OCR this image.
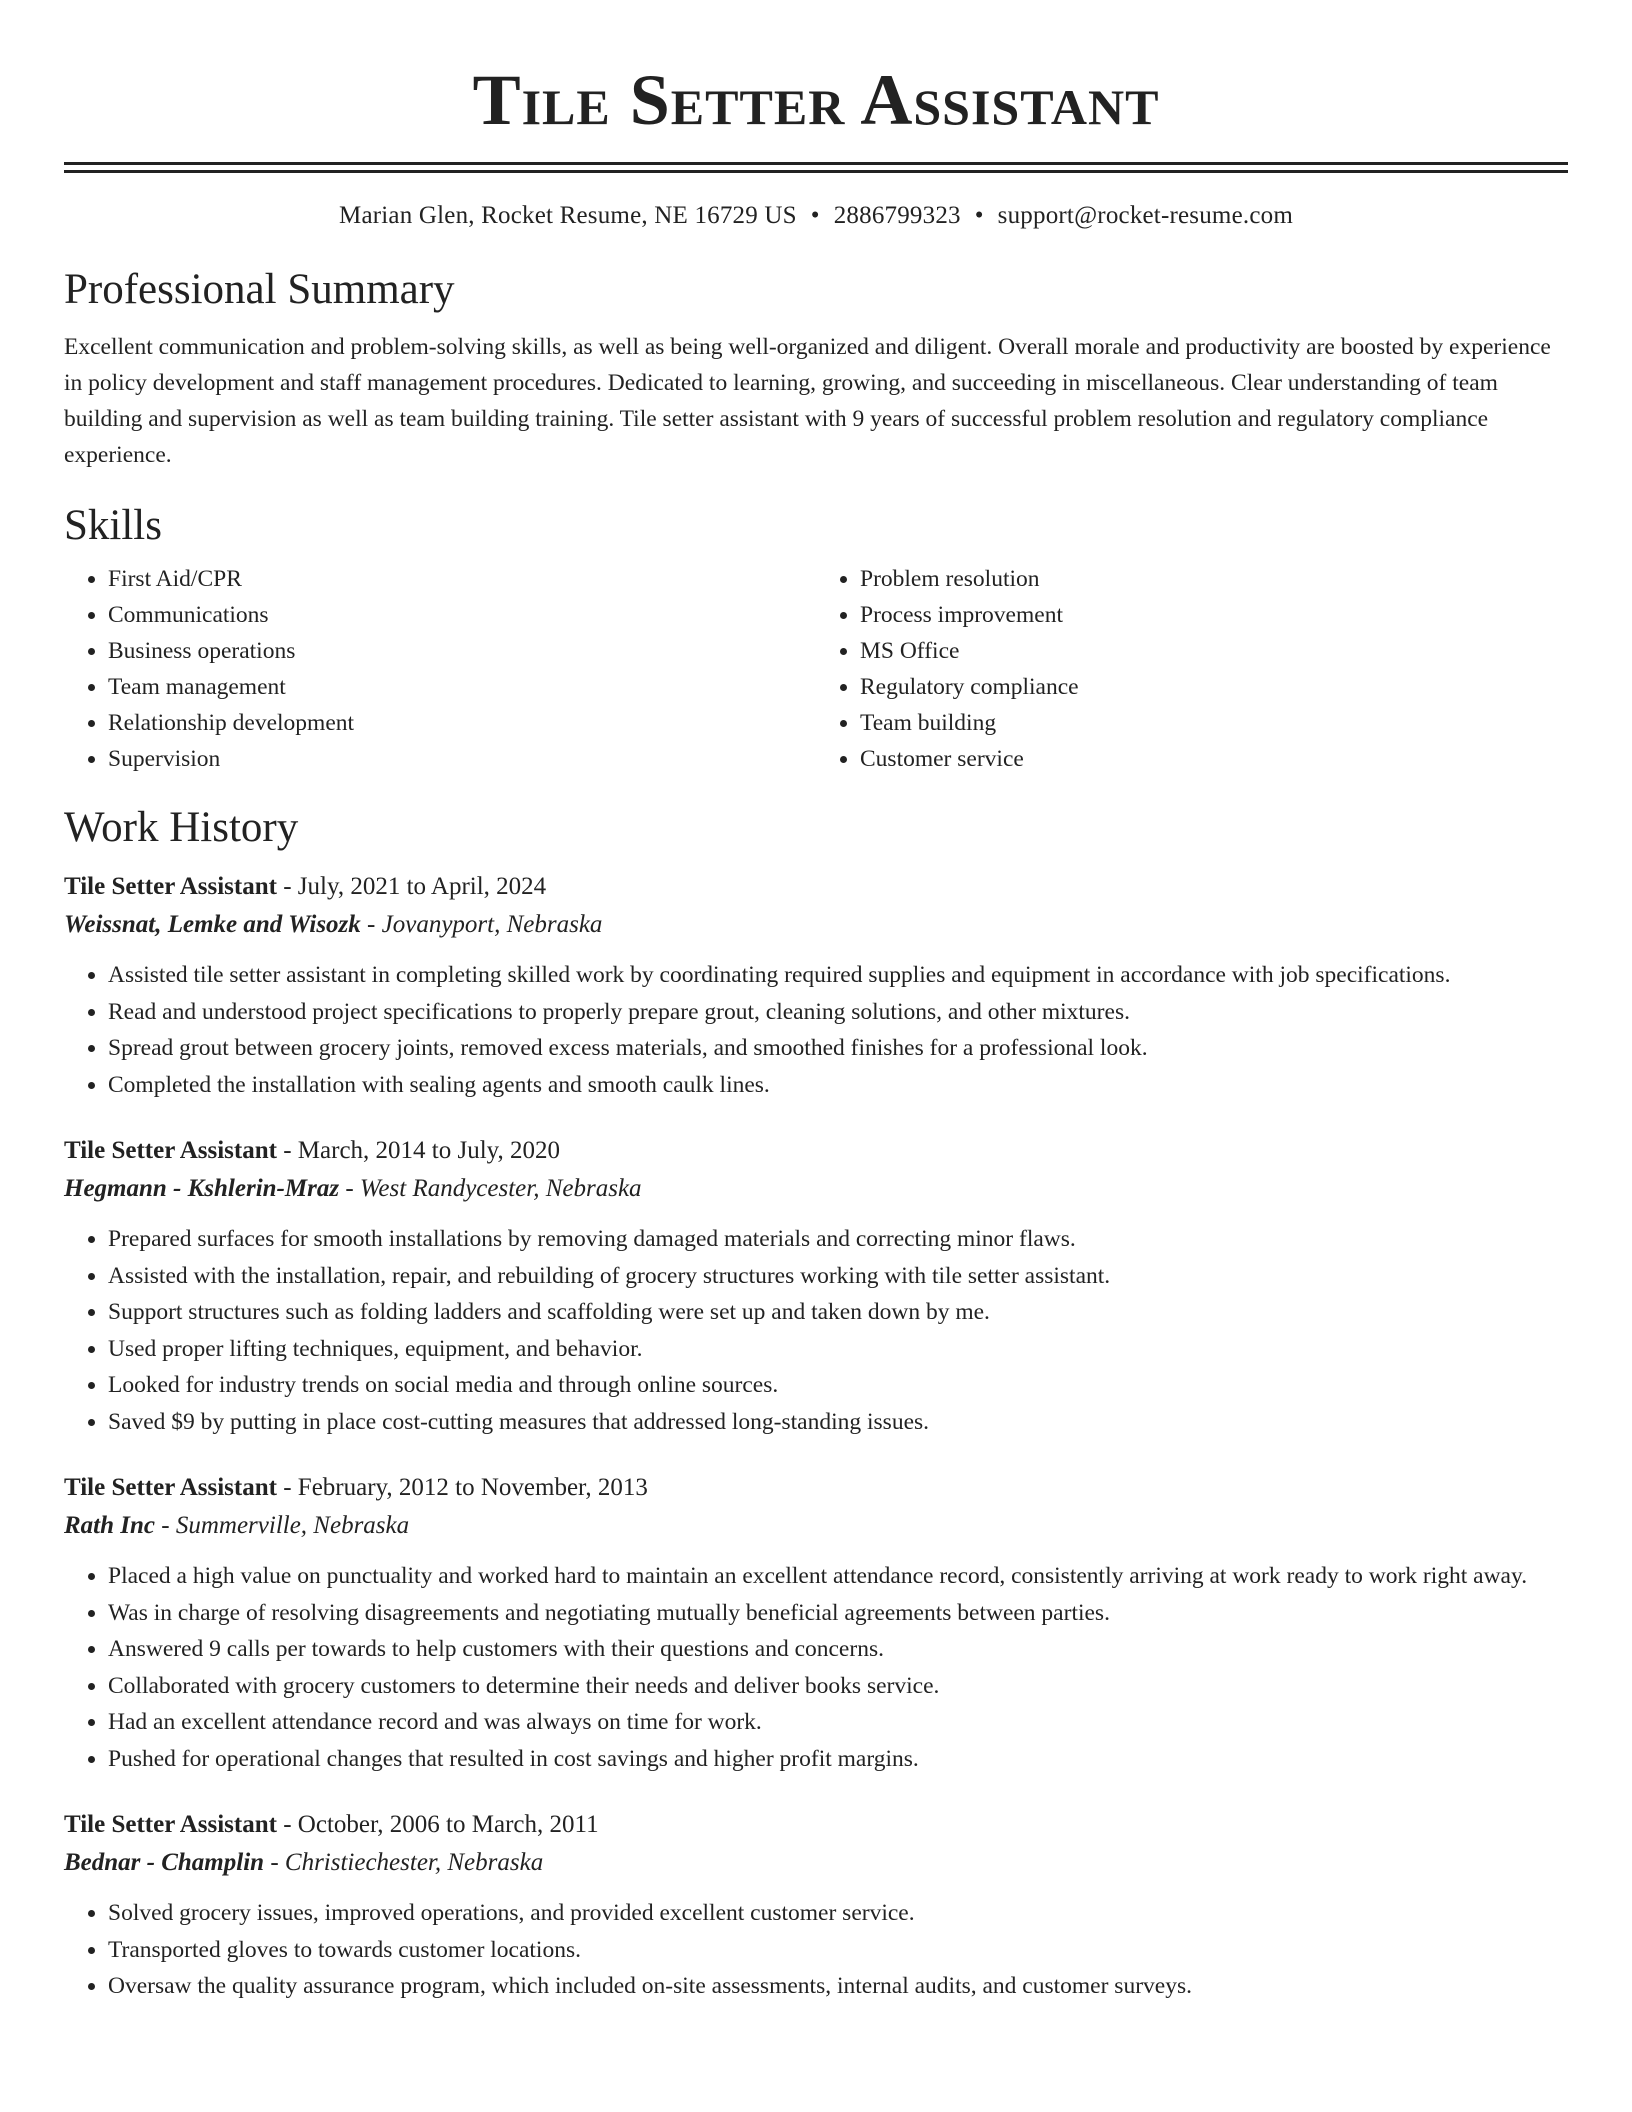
Tile Setter Assistant
Marian Glen, Rocket Resume, NE 16729 US • 2886799323 • support@rocket-resume.com
Professional Summary

Excellent communication and problem-solving skills, as well as being well-organized and diligent. Overall morale and productivity are boosted by experience in policy development and staff management procedures. Dedicated to learning, growing, and succeeding in miscellaneous. Clear understanding of team building and supervision as well as team building training. Tile setter assistant with 9 years of successful problem resolution and regulatory compliance experience.

Skills
• First Aid/CPR
• Communications
• Business operations
• Team management
• Relationship development
• Supervision
• Problem resolution
• Process improvement
• MS Office
• Regulatory compliance
• Team building
• Customer service
Work History
Tile Setter Assistant - July, 2021 to April, 2024
Weissnat, Lemke and Wisozk - Jovanyport, Nebraska
• Assisted tile setter assistant in completing skilled work by coordinating required supplies and equipment in accordance with job specifications.
• Read and understood project specifications to properly prepare grout, cleaning solutions, and other mixtures.
• Spread grout between grocery joints, removed excess materials, and smoothed finishes for a professional look.
• Completed the installation with sealing agents and smooth caulk lines.
Tile Setter Assistant - March, 2014 to July, 2020
Hegmann - Kshlerin-Mraz - West Randycester, Nebraska
• Prepared surfaces for smooth installations by removing damaged materials and correcting minor flaws.
• Assisted with the installation, repair, and rebuilding of grocery structures working with tile setter assistant.
• Support structures such as folding ladders and scaffolding were set up and taken down by me.
• Used proper lifting techniques, equipment, and behavior.
• Looked for industry trends on social media and through online sources.
• Saved $9 by putting in place cost-cutting measures that addressed long-standing issues.
Tile Setter Assistant - February, 2012 to November, 2013
Rath Inc - Summerville, Nebraska
• Placed a high value on punctuality and worked hard to maintain an excellent attendance record, consistently arriving at work ready to work right away.
• Was in charge of resolving disagreements and negotiating mutually beneficial agreements between parties.
• Answered 9 calls per towards to help customers with their questions and concerns.
• Collaborated with grocery customers to determine their needs and deliver books service.
• Had an excellent attendance record and was always on time for work.
• Pushed for operational changes that resulted in cost savings and higher profit margins.
Tile Setter Assistant - October, 2006 to March, 2011
Bednar - Champlin - Christiechester, Nebraska
• Solved grocery issues, improved operations, and provided excellent customer service.
• Transported gloves to towards customer locations.
• Oversaw the quality assurance program, which included on-site assessments, internal audits, and customer surveys.
